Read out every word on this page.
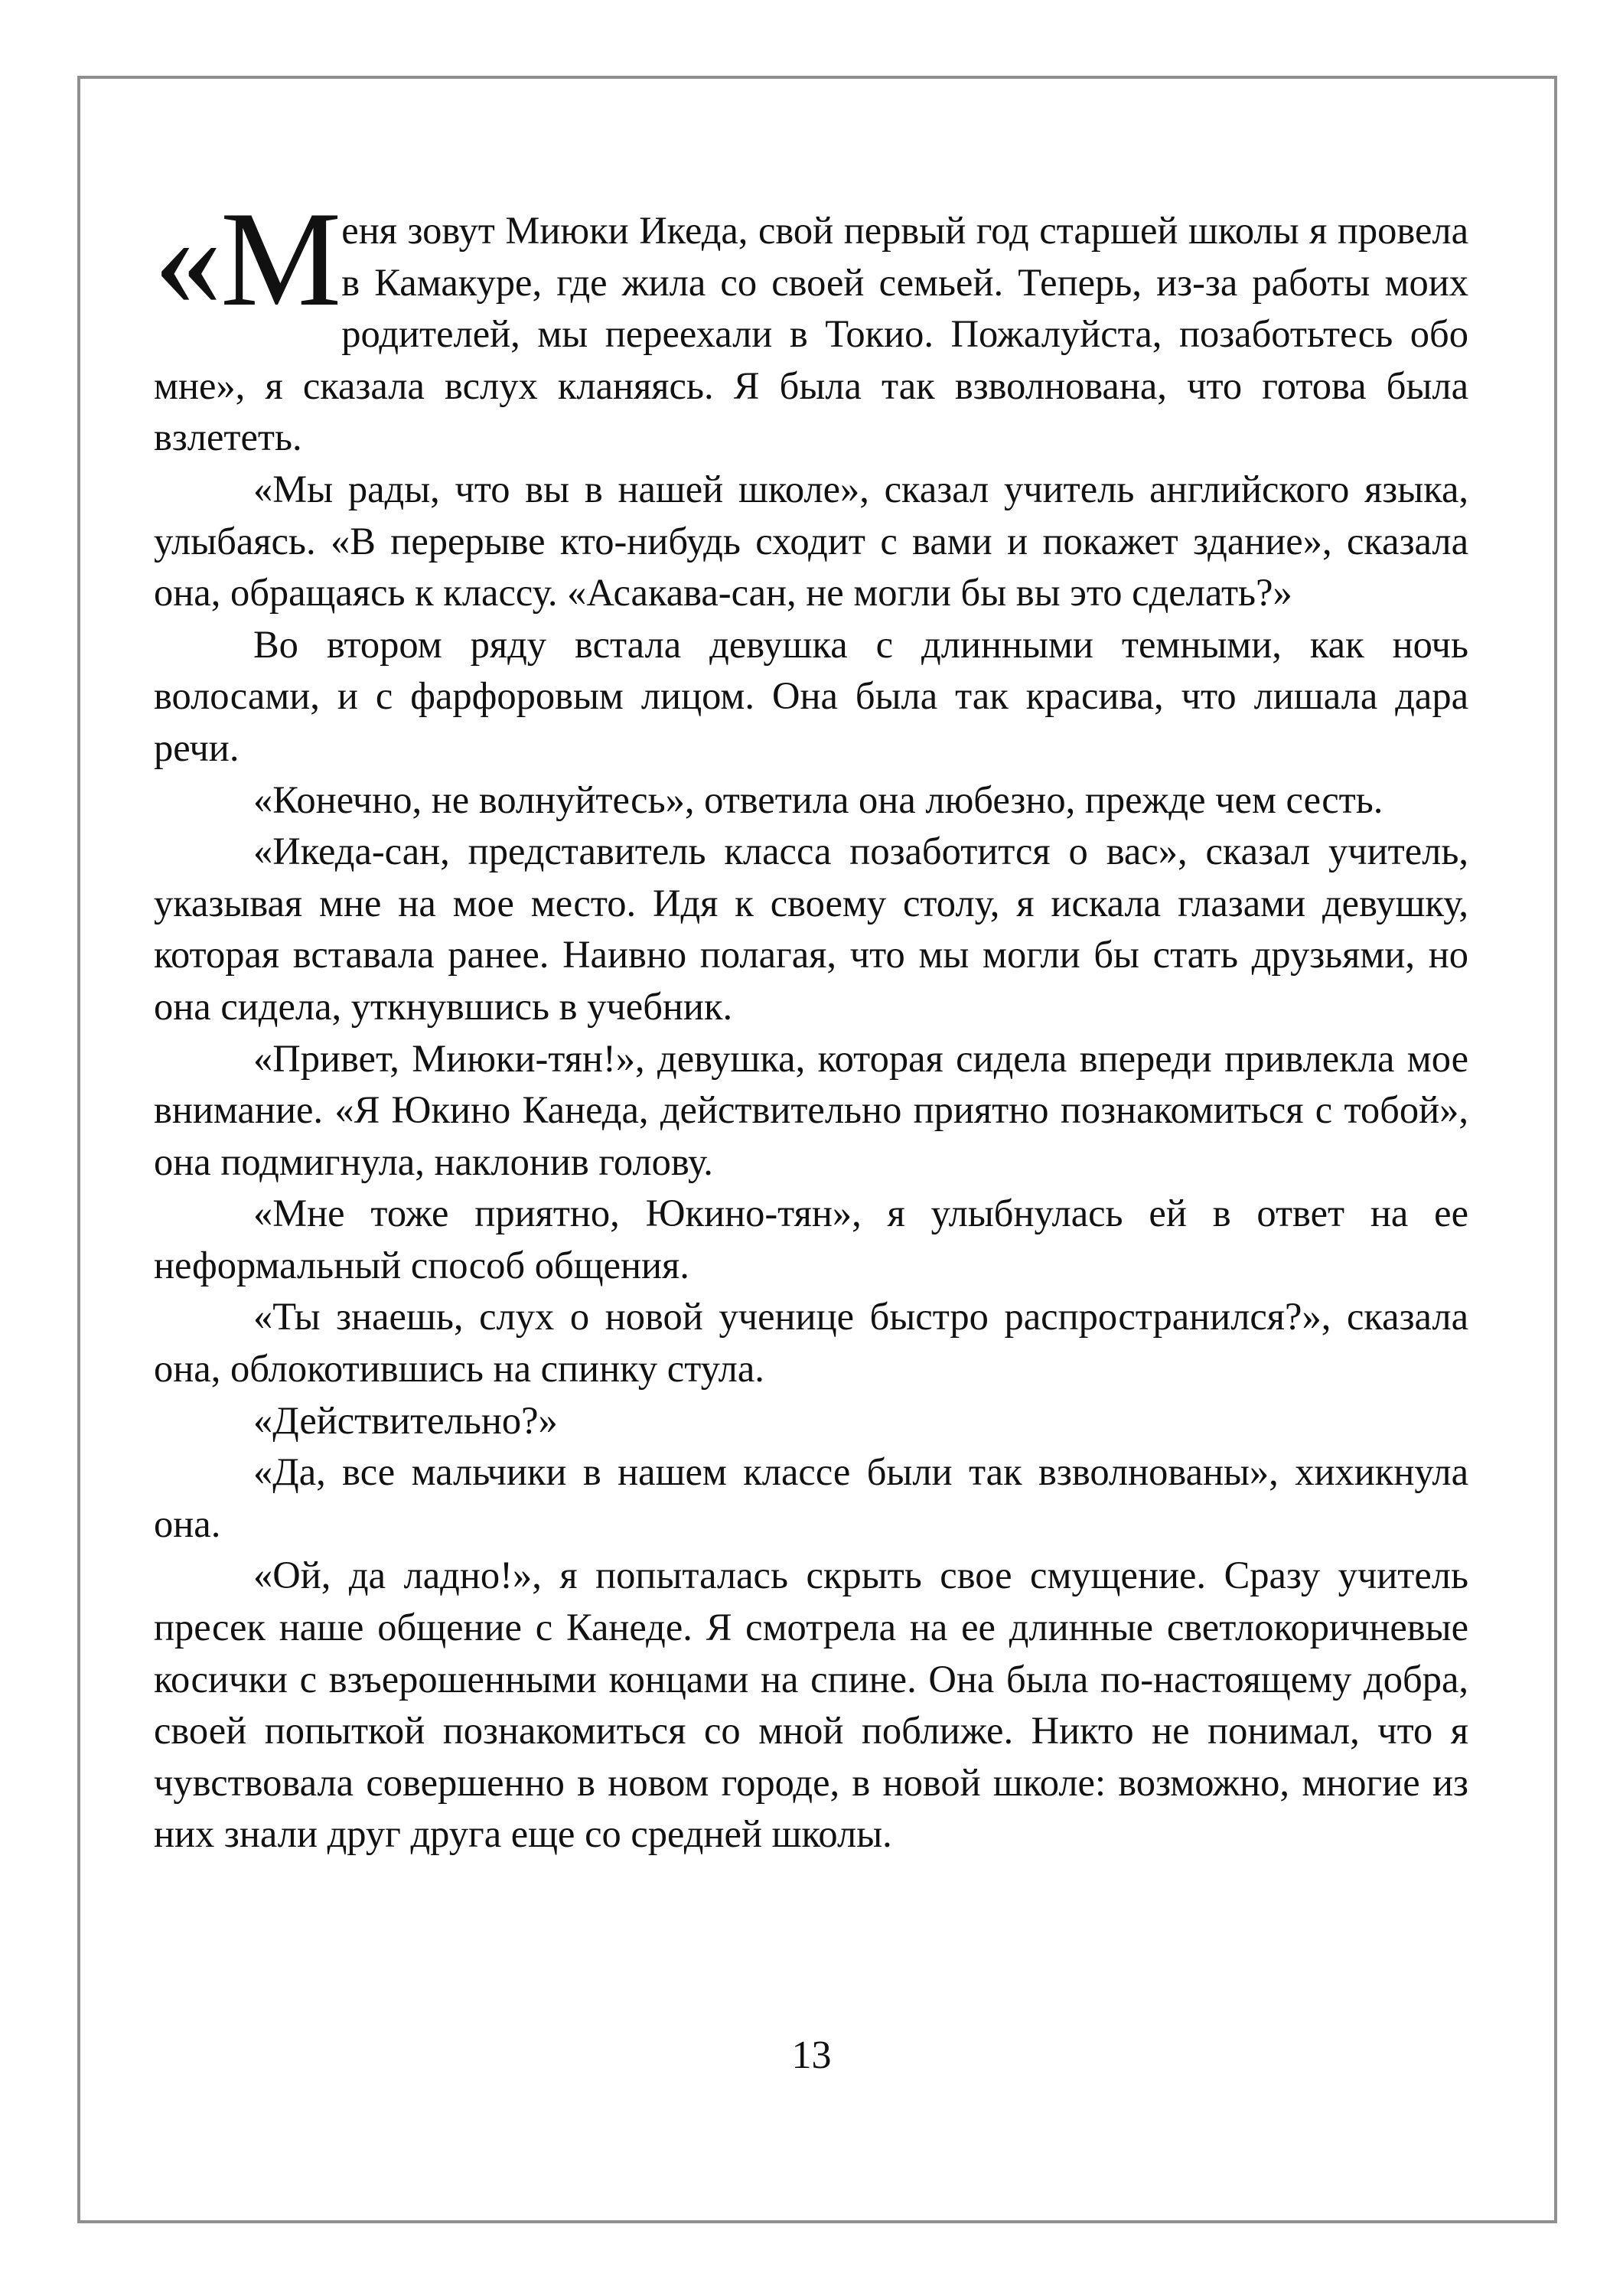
«Меня зовут Миюки Икеда, свой первый год старшей школы я провела в Камакуре, где жила со своей семьей. Теперь, из-за работы моих родителей, мы переехали в Токио. Пожалуйста, позаботьтесь обо мне», я сказала вслух кланяясь. Я была так взволнована, что готова была взлететь.

«Мы рады, что вы в нашей школе», сказал учитель английского языка, улыбаясь. «В перерыве кто-нибудь сходит с вами и покажет здание», сказала она, обращаясь к классу. «Асакава-сан, не могли бы вы это сделать?»

Во втором ряду встала девушка с длинными темными, как ночь волосами, и с фарфоровым лицом. Она была так красива, что лишала дара речи.

«Конечно, не волнуйтесь», ответила она любезно, прежде чем сесть.

«Икеда-сан, представитель класса позаботится о вас», сказал учитель, указывая мне на мое место. Идя к своему столу, я искала глазами девушку, которая вставала ранее. Наивно полагая, что мы могли бы стать друзьями, но она сидела, уткнувшись в учебник.

«Привет, Миюки-тян!», девушка, которая сидела впереди привлекла мое внимание. «Я Юкино Канеда, действительно приятно познакомиться с тобой», она подмигнула, наклонив голову.

«Мне тоже приятно, Юкино-тян», я улыбнулась ей в ответ на ее неформальный способ общения.

«Ты знаешь, слух о новой ученице быстро распространился?», сказала она, облокотившись на спинку стула.

«Действительно?»

«Да, все мальчики в нашем классе были так взволнованы», хихикнула она.

«Ой, да ладно!», я попыталась скрыть свое смущение. Сразу учитель пресек наше общение с Канеде. Я смотрела на ее длинные светлокоричневые косички с взъерошенными концами на спине. Она была по-настоящему добра, своей попыткой познакомиться со мной поближе. Никто не понимал, что я чувствовала совершенно в новом городе, в новой школе: возможно, многие из них знали друг друга еще со средней школы.

13
